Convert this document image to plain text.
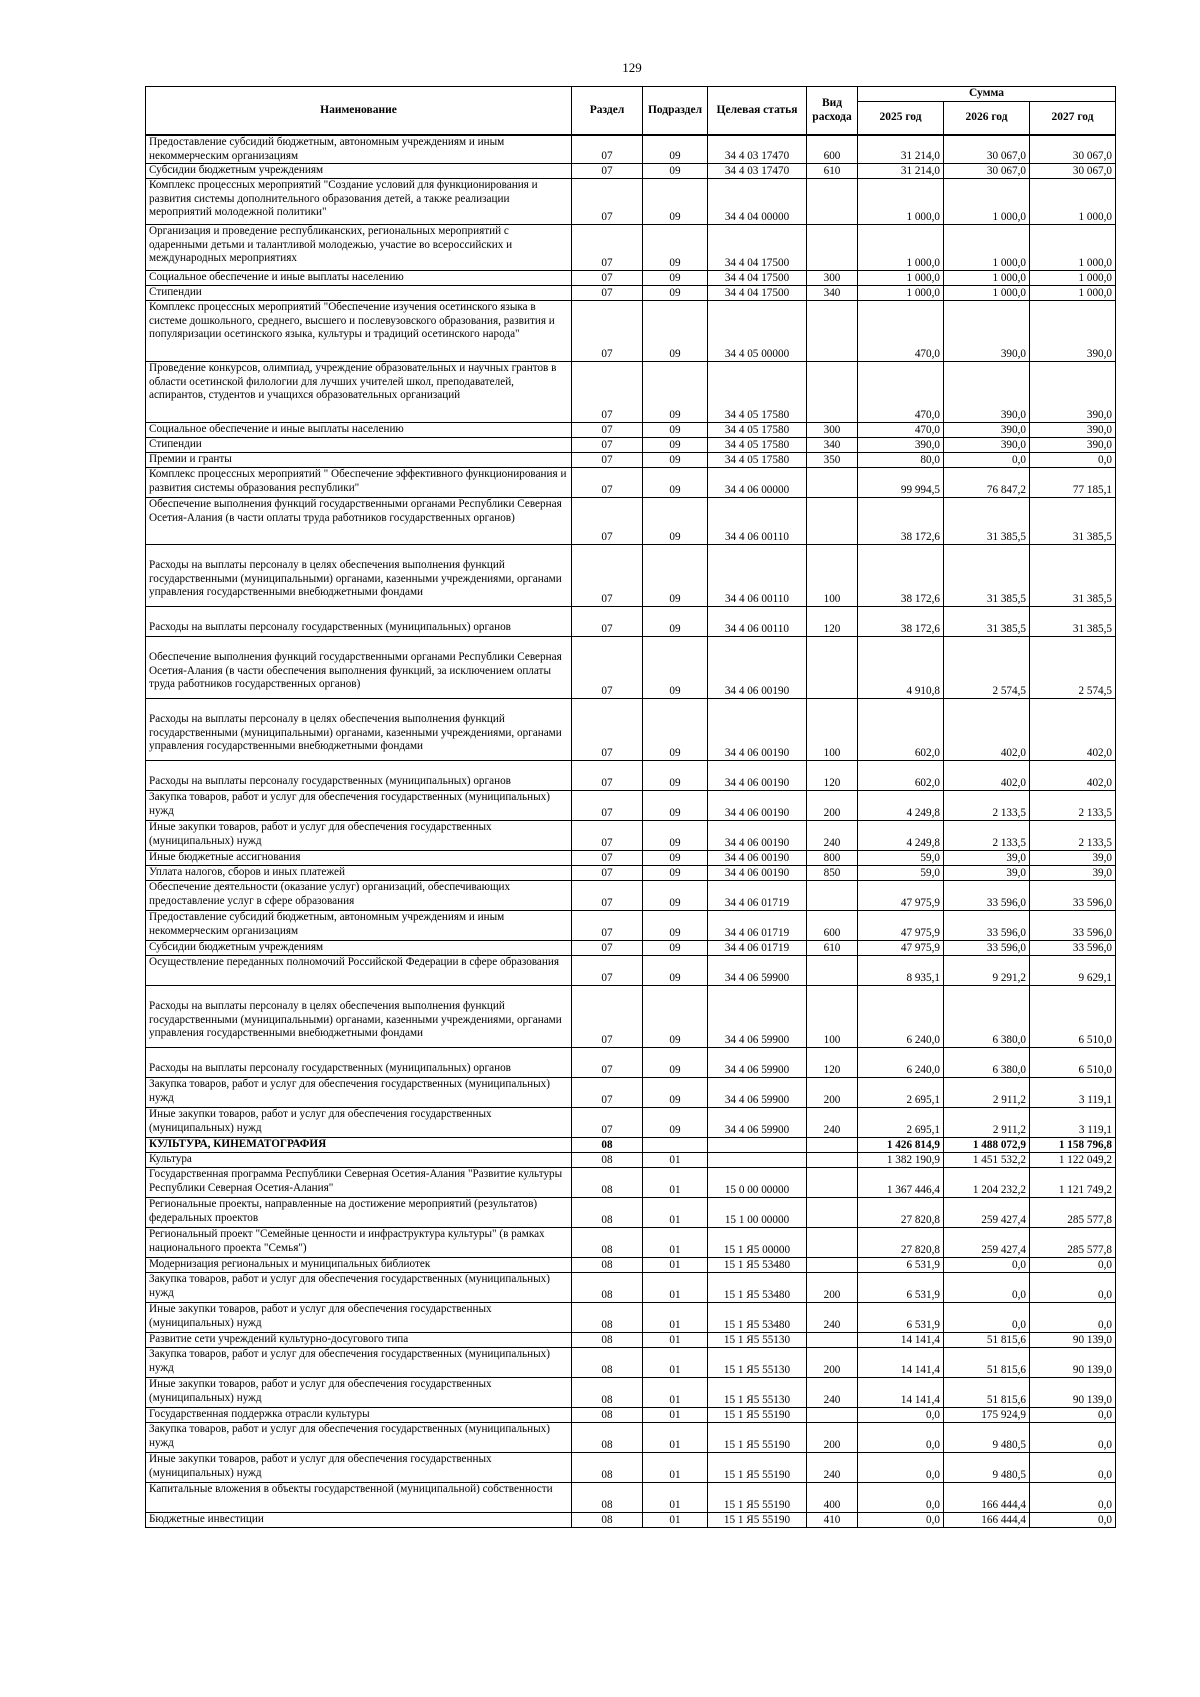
129
Наименование	Раздел	Подраздел	Целевая статья	Вид расхода	Сумма		
					2025 год	2026 год	2027 год
Предоставление субсидий бюджетным, автономным учреждениям и иным некоммерческим организациям	07	09	34 4 03 17470	600	31 214,0	30 067,0	30 067,0
Субсидии бюджетным учреждениям	07	09	34 4 03 17470	610	31 214,0	30 067,0	30 067,0
Комплекс процессных мероприятий "Создание условий для функционирования и развития системы дополнительного образования детей, а также реализации мероприятий молодежной политики"	07	09	34 4 04 00000		1 000,0	1 000,0	1 000,0
Организация и проведение республиканских, региональных мероприятий с одаренными детьми и талантливой молодежью, участие во всероссийских и международных мероприятиях	07	09	34 4 04 17500		1 000,0	1 000,0	1 000,0
Социальное обеспечение и иные выплаты населению	07	09	34 4 04 17500	300	1 000,0	1 000,0	1 000,0
Стипендии	07	09	34 4 04 17500	340	1 000,0	1 000,0	1 000,0
Комплекс процессных мероприятий "Обеспечение изучения осетинского языка в системе дошкольного, среднего, высшего и послевузовского образования, развития и популяризации осетинского языка, культуры и традиций осетинского народа"	07	09	34 4 05 00000		470,0	390,0	390,0
Проведение конкурсов, олимпиад, учреждение образовательных и научных грантов в области осетинской филологии для лучших учителей школ, преподавателей, аспирантов, студентов и учащихся образовательных организаций	07	09	34 4 05 17580		470,0	390,0	390,0
Социальное обеспечение и иные выплаты населению	07	09	34 4 05 17580	300	470,0	390,0	390,0
Стипендии	07	09	34 4 05 17580	340	390,0	390,0	390,0
Премии и гранты	07	09	34 4 05 17580	350	80,0	0,0	0,0
Комплекс процессных мероприятий " Обеспечение эффективного функционирования и развития системы образования республики"	07	09	34 4 06 00000		99 994,5	76 847,2	77 185,1
Обеспечение выполнения функций государственными органами Республики Северная Осетия-Алания (в части оплаты труда работников государственных органов)	07	09	34 4 06 00110		38 172,6	31 385,5	31 385,5
Расходы на выплаты персоналу в целях обеспечения выполнения функций государственными (муниципальными) органами, казенными учреждениями, органами управления государственными внебюджетными фондами	07	09	34 4 06 00110	100	38 172,6	31 385,5	31 385,5
Расходы на выплаты персоналу государственных (муниципальных) органов	07	09	34 4 06 00110	120	38 172,6	31 385,5	31 385,5
Обеспечение выполнения функций государственными органами Республики Северная Осетия-Алания (в части обеспечения выполнения функций, за исключением оплаты труда работников государственных органов)	07	09	34 4 06 00190		4 910,8	2 574,5	2 574,5
Расходы на выплаты персоналу в целях обеспечения выполнения функций государственными (муниципальными) органами, казенными учреждениями, органами управления государственными внебюджетными фондами	07	09	34 4 06 00190	100	602,0	402,0	402,0
Расходы на выплаты персоналу государственных (муниципальных) органов	07	09	34 4 06 00190	120	602,0	402,0	402,0
Закупка товаров, работ и услуг для обеспечения государственных (муниципальных) нужд	07	09	34 4 06 00190	200	4 249,8	2 133,5	2 133,5
Иные закупки товаров, работ и услуг для обеспечения государственных (муниципальных) нужд	07	09	34 4 06 00190	240	4 249,8	2 133,5	2 133,5
Иные бюджетные ассигнования	07	09	34 4 06 00190	800	59,0	39,0	39,0
Уплата налогов, сборов и иных платежей	07	09	34 4 06 00190	850	59,0	39,0	39,0
Обеспечение деятельности (оказание услуг) организаций, обеспечивающих предоставление услуг в сфере образования	07	09	34 4 06 01719		47 975,9	33 596,0	33 596,0
Предоставление субсидий бюджетным, автономным учреждениям и иным некоммерческим организациям	07	09	34 4 06 01719	600	47 975,9	33 596,0	33 596,0
Субсидии бюджетным учреждениям	07	09	34 4 06 01719	610	47 975,9	33 596,0	33 596,0
Осуществление переданных полномочий Российской Федерации в сфере образования	07	09	34 4 06 59900		8 935,1	9 291,2	9 629,1
Расходы на выплаты персоналу в целях обеспечения выполнения функций государственными (муниципальными) органами, казенными учреждениями, органами управления государственными внебюджетными фондами	07	09	34 4 06 59900	100	6 240,0	6 380,0	6 510,0
Расходы на выплаты персоналу государственных (муниципальных) органов	07	09	34 4 06 59900	120	6 240,0	6 380,0	6 510,0
Закупка товаров, работ и услуг для обеспечения государственных (муниципальных) нужд	07	09	34 4 06 59900	200	2 695,1	2 911,2	3 119,1
Иные закупки товаров, работ и услуг для обеспечения государственных (муниципальных) нужд	07	09	34 4 06 59900	240	2 695,1	2 911,2	3 119,1
КУЛЬТУРА, КИНЕМАТОГРАФИЯ	08				1 426 814,9	1 488 072,9	1 158 796,8
Культура	08	01			1 382 190,9	1 451 532,2	1 122 049,2
Государственная программа Республики Северная Осетия-Алания "Развитие культуры Республики Северная Осетия-Алания"	08	01	15 0 00 00000		1 367 446,4	1 204 232,2	1 121 749,2
Региональные проекты, направленные на достижение мероприятий (результатов) федеральных проектов	08	01	15 1 00 00000		27 820,8	259 427,4	285 577,8
Региональный проект "Семейные ценности и инфраструктура культуры" (в рамках национального проекта "Семья")	08	01	15 1 Я5 00000		27 820,8	259 427,4	285 577,8
Модернизация региональных и муниципальных библиотек	08	01	15 1 Я5 53480		6 531,9	0,0	0,0
Закупка товаров, работ и услуг для обеспечения государственных (муниципальных) нужд	08	01	15 1 Я5 53480	200	6 531,9	0,0	0,0
Иные закупки товаров, работ и услуг для обеспечения государственных (муниципальных) нужд	08	01	15 1 Я5 53480	240	6 531,9	0,0	0,0
Развитие сети учреждений культурно-досугового типа	08	01	15 1 Я5 55130		14 141,4	51 815,6	90 139,0
Закупка товаров, работ и услуг для обеспечения государственных (муниципальных) нужд	08	01	15 1 Я5 55130	200	14 141,4	51 815,6	90 139,0
Иные закупки товаров, работ и услуг для обеспечения государственных (муниципальных) нужд	08	01	15 1 Я5 55130	240	14 141,4	51 815,6	90 139,0
Государственная поддержка отрасли культуры	08	01	15 1 Я5 55190		0,0	175 924,9	0,0
Закупка товаров, работ и услуг для обеспечения государственных (муниципальных) нужд	08	01	15 1 Я5 55190	200	0,0	9 480,5	0,0
Иные закупки товаров, работ и услуг для обеспечения государственных (муниципальных) нужд	08	01	15 1 Я5 55190	240	0,0	9 480,5	0,0
Капитальные вложения в объекты государственной (муниципальной) собственности	08	01	15 1 Я5 55190	400	0,0	166 444,4	0,0
Бюджетные инвестиции	08	01	15 1 Я5 55190	410	0,0	166 444,4	0,0
